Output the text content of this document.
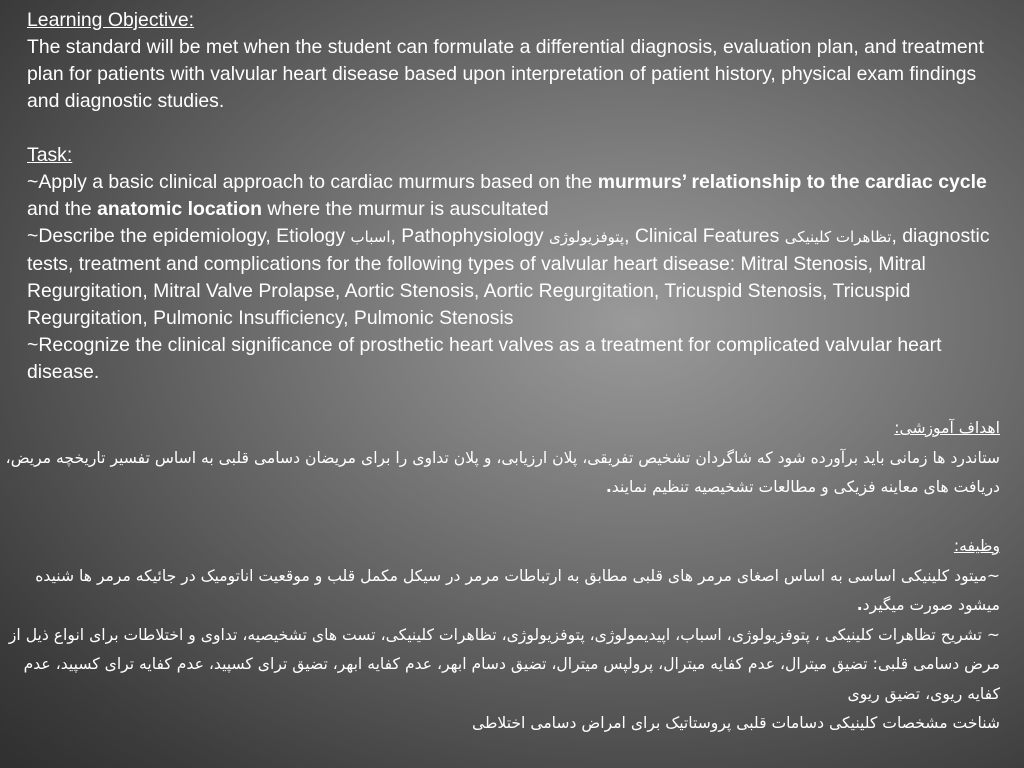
Learning Objective:

The standard will be met when the student can formulate a differential diagnosis, evaluation plan, and treatment plan for patients with valvular heart disease based upon interpretation of patient history, physical exam findings and diagnostic studies.

Task:

~Apply a basic clinical approach to cardiac murmurs based on the murmurs’ relationship to the cardiac cycle and the anatomic location where the murmur is auscultated

~Describe the epidemiology, Etiology اسباب, Pathophysiology پتوفزیولوژی, Clinical Features تظاهرات کلینیکی, diagnostic tests, treatment and complications for the following types of valvular heart disease: Mitral Stenosis, Mitral Regurgitation, Mitral Valve Prolapse, Aortic Stenosis, Aortic Regurgitation, Tricuspid Stenosis, Tricuspid Regurgitation, Pulmonic Insufficiency, Pulmonic Stenosis

~Recognize the clinical significance of prosthetic heart valves as a treatment for complicated valvular heart disease.

اهداف آموزشی:

ستاندرد ها زمانی باید برآورده شود که شاگردان تشخیص تفریقی، پلان ارزیابی، و پلان تداوی را برای مریضان دسامی قلبی به اساس تفسیر تاریخچه مریض، دریافت های معاینه فزیکی و مطالعات تشخیصیه تنظیم نمایند.

وظیفه:

~میتود کلینیکی اساسی به اساس اصغای مرمر های قلبی مطابق به ارتباطات مرمر در سیکل مکمل قلب و موقعیت اناتومیک در جائیکه مرمر ها شنیده میشود صورت میگیرد.

~ تشریح تظاهرات کلینیکی ، پتوفزیولوژی، اسباب، اپیدیمولوژی، پتوفزیولوژی، تظاهرات کلینیکی، تست های تشخیصیه، تداوی و اختلاطات برای انواع ذیل از مرض دسامی قلبی: تضیق میترال، عدم کفایه میترال، پرولپس میترال، تضیق دسام ابهر، عدم کفایه ابهر، تضیق ترای کسپید، عدم کفایه ترای کسپید، عدم کفایه ریوی، تضیق ریوی

شناخت مشخصات کلینیکی دسامات قلبی پروستاتیک برای امراض دسامی اختلاطی
